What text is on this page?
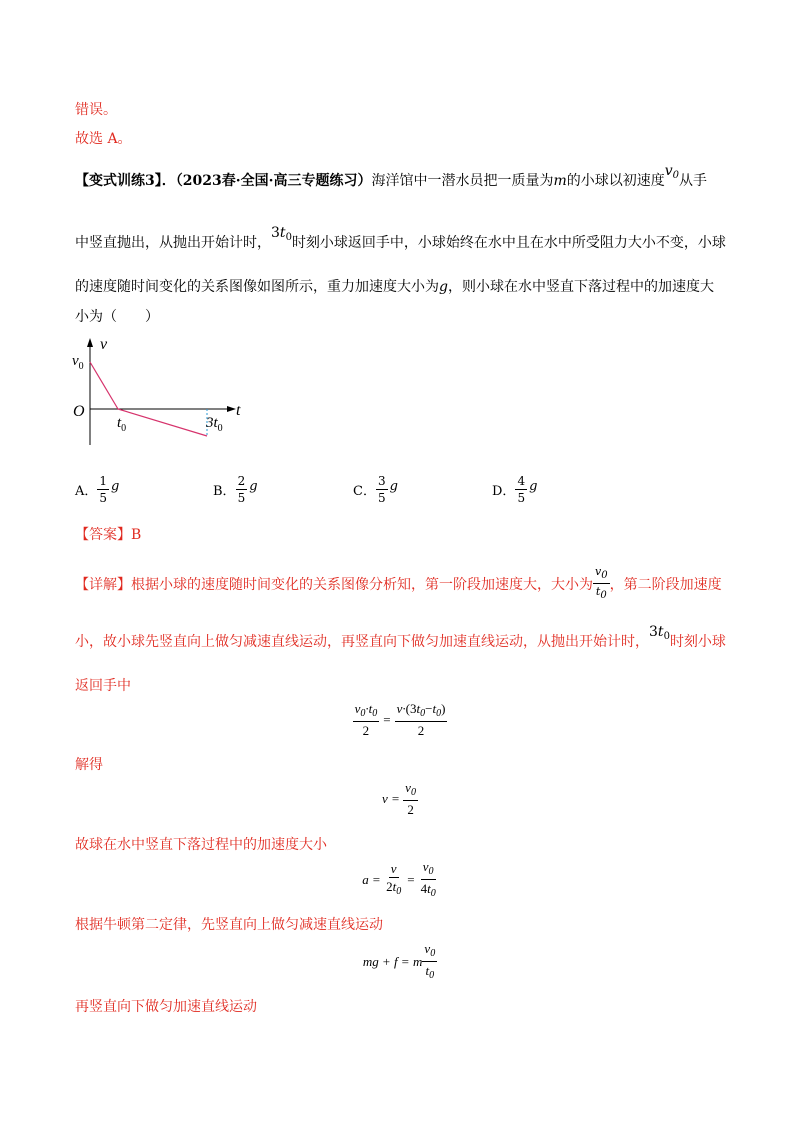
错误。
故选 A。
【变式训练3】．（2023春·全国·高三专题练习）海洋馆中一潜水员把一质量为m的小球以初速度$v_0$从手
中竖直抛出，从抛出开始计时，$3t_0$时刻小球返回手中，小球始终在水中且在水中所受阻力大小不变，小球
的速度随时间变化的关系图像如图所示，重力加速度大小为g，则小球在水中竖直下落过程中的加速度大
小为（　　）
v
t
O
$v_0$
$t_0$	$3t_0$
A． $\frac{1}{5}$ g	B． $\frac{2}{5}$ g	C． $\frac{3}{5}$ g	D． $\frac{4}{5}$ g
【答案】B
【详解】 根据小球的速度随时间变化的关系图像分析知，第一阶段加速度大，大小为 $\frac{v_0}{t_0}$ ，第二阶段加速度
小，故小球先竖直向上做匀减速直线运动，再竖直向下做匀加速直线运动，从抛出开始计时，$3t_0$时刻小球
返回手中
$\frac{v_0\cdot t_0}{2} = \frac{v\cdot(3t_0-t_0)}{2}$
解得
$v = \frac{v_0}{2}$
故球在水中竖直下落过程中的加速度大小
$a = \frac{v}{2t_0} = \frac{v_0}{4t_0}$
根据牛顿第二定律，先竖直向上做匀减速直线运动
mg + f = m $\frac{v_0}{t_0}$
再竖直向下做匀加速直线运动
